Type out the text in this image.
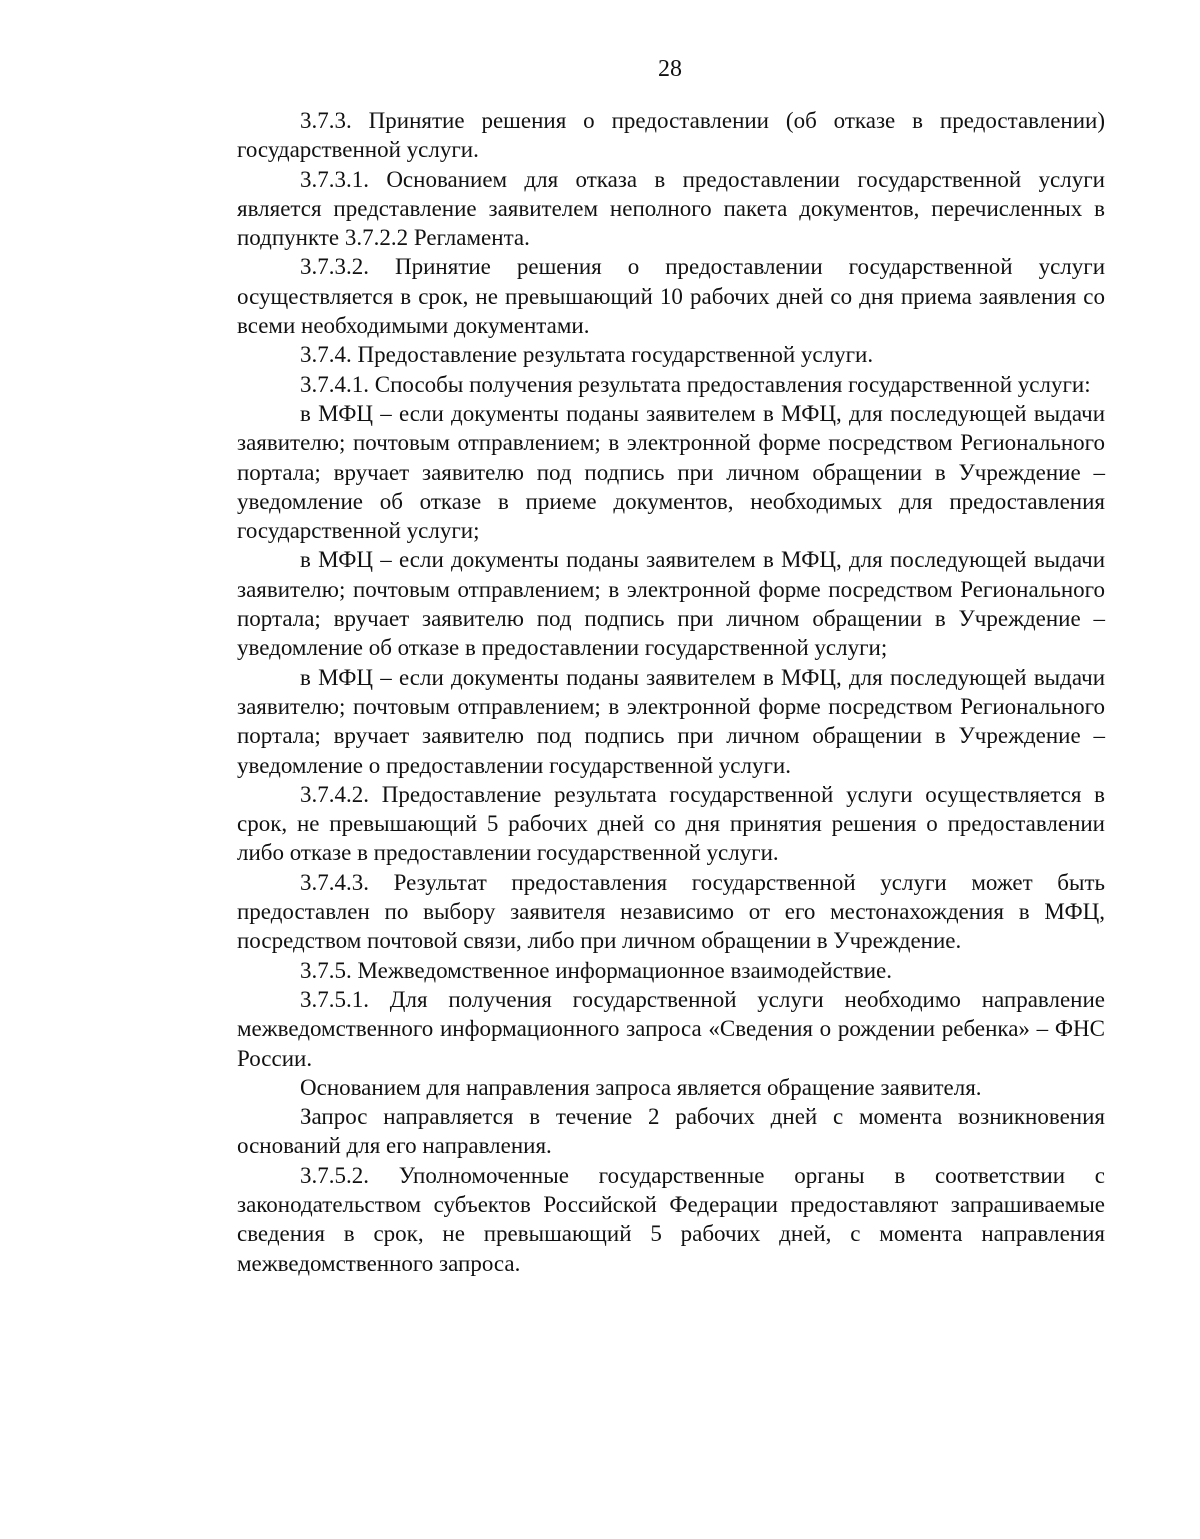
28

3.7.3. Принятие решения о предоставлении (об отказе в предоставлении) государственной услуги.

3.7.3.1. Основанием для отказа в предоставлении государственной услуги является представление заявителем неполного пакета документов, перечисленных в подпункте 3.7.2.2 Регламента.

3.7.3.2. Принятие решения о предоставлении государственной услуги осуществляется в срок, не превышающий 10 рабочих дней со дня приема заявления со всеми необходимыми документами.

3.7.4. Предоставление результата государственной услуги.

3.7.4.1. Способы получения результата предоставления государственной услуги:

в МФЦ – если документы поданы заявителем в МФЦ, для последующей выдачи заявителю; почтовым отправлением; в электронной форме посредством Регионального портала; вручает заявителю под подпись при личном обращении в Учреждение – уведомление об отказе в приеме документов, необходимых для предоставления государственной услуги;

в МФЦ – если документы поданы заявителем в МФЦ, для последующей выдачи заявителю; почтовым отправлением; в электронной форме посредством Регионального портала; вручает заявителю под подпись при личном обращении в Учреждение – уведомление об отказе в предоставлении государственной услуги;

в МФЦ – если документы поданы заявителем в МФЦ, для последующей выдачи заявителю; почтовым отправлением; в электронной форме посредством Регионального портала; вручает заявителю под подпись при личном обращении в Учреждение – уведомление о предоставлении государственной услуги.

3.7.4.2. Предоставление результата государственной услуги осуществляется в срок, не превышающий 5 рабочих дней со дня принятия решения о предоставлении либо отказе в предоставлении государственной услуги.

3.7.4.3. Результат предоставления государственной услуги может быть предоставлен по выбору заявителя независимо от его местонахождения в МФЦ, посредством почтовой связи, либо при личном обращении в Учреждение.

3.7.5. Межведомственное информационное взаимодействие.

3.7.5.1. Для получения государственной услуги необходимо направление межведомственного информационного запроса «Сведения о рождении ребенка» – ФНС России.

Основанием для направления запроса является обращение заявителя.

Запрос направляется в течение 2 рабочих дней с момента возникновения оснований для его направления.

3.7.5.2. Уполномоченные государственные органы в соответствии с законодательством субъектов Российской Федерации предоставляют запрашиваемые сведения в срок, не превышающий 5 рабочих дней, с момента направления межведомственного запроса.
